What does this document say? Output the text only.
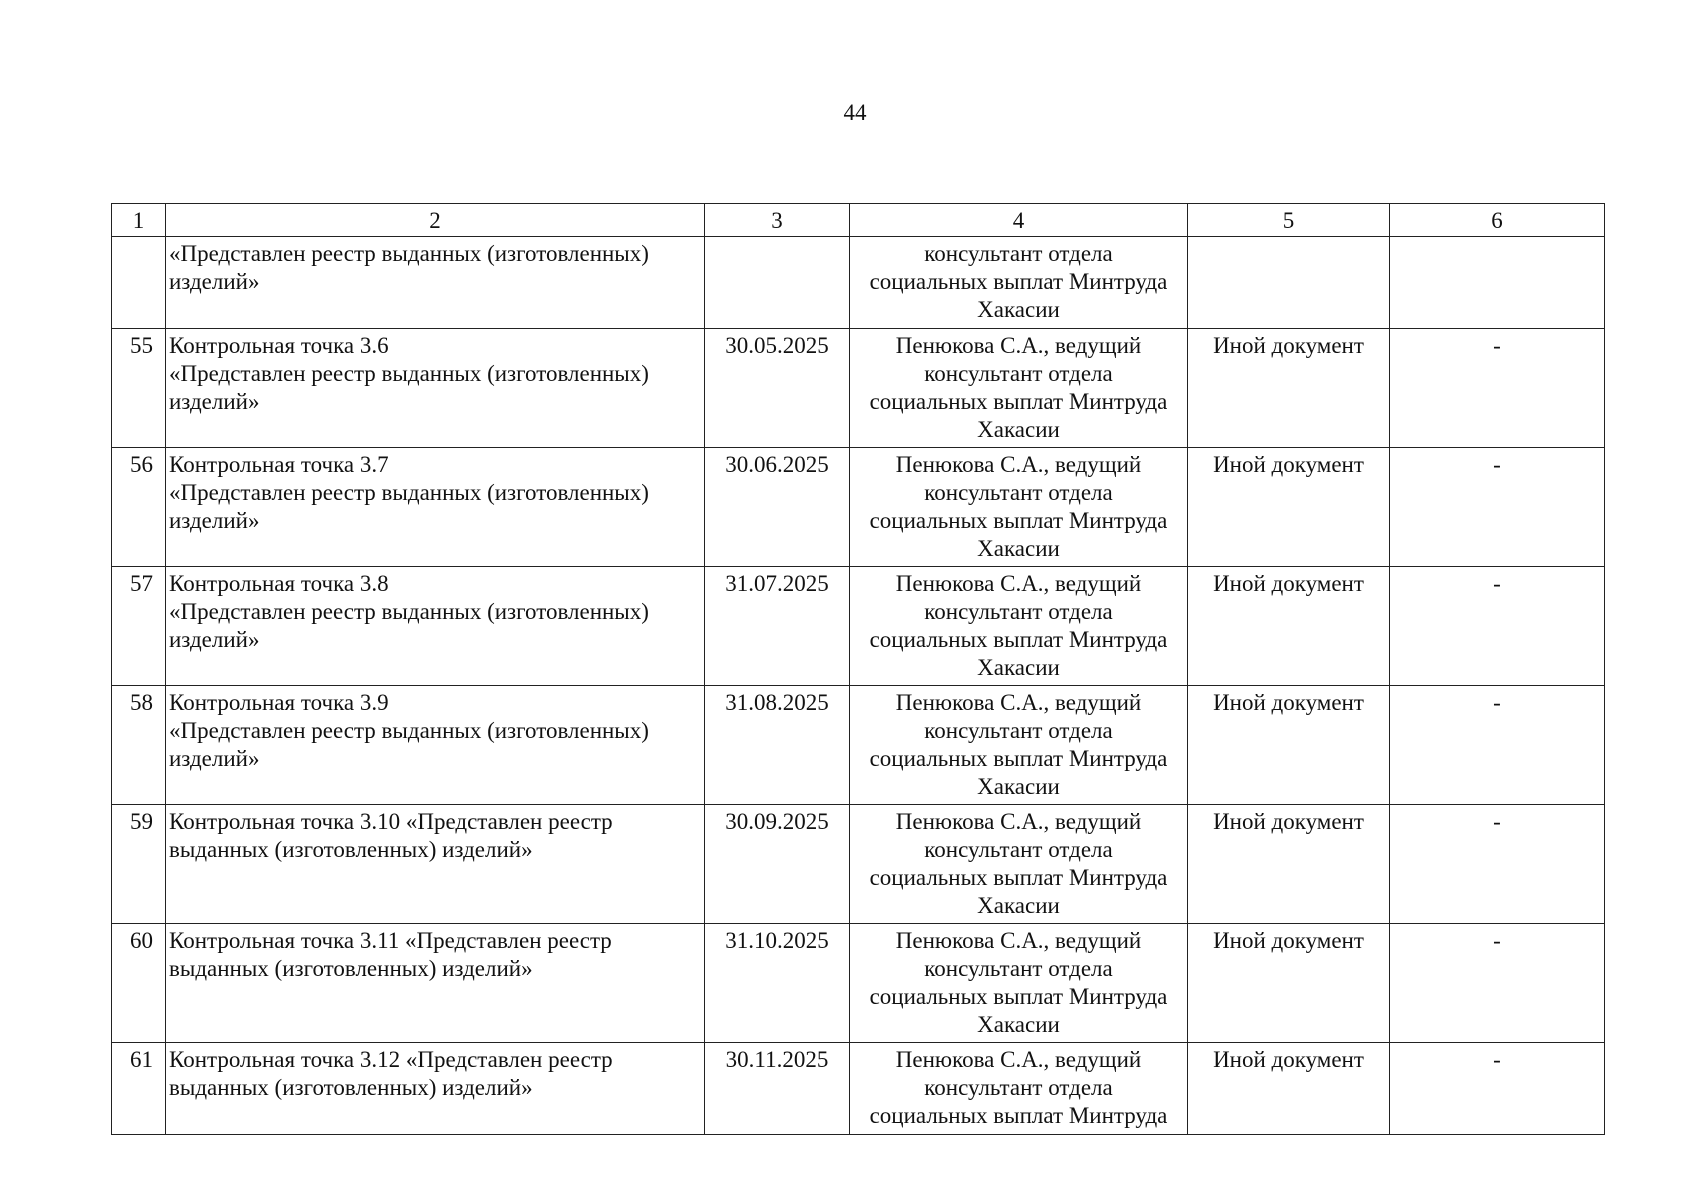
44
1	2	3	4	5	6

	«Представлен реестр выданных (изготовленных)
изделий»		консультант отдела
социальных выплат Минтруда
Хакасии		

55	Контрольная точка 3.6
«Представлен реестр выданных (изготовленных)
изделий»	30.05.2025	Пенюкова С.А., ведущий
консультант отдела
социальных выплат Минтруда
Хакасии	Иной документ	-
56	Контрольная точка 3.7
«Представлен реестр выданных (изготовленных)
изделий»	30.06.2025	Пенюкова С.А., ведущий
консультант отдела
социальных выплат Минтруда
Хакасии	Иной документ	-
57	Контрольная точка 3.8
«Представлен реестр выданных (изготовленных)
изделий»	31.07.2025	Пенюкова С.А., ведущий
консультант отдела
социальных выплат Минтруда
Хакасии	Иной документ	-
58	Контрольная точка 3.9
«Представлен реестр выданных (изготовленных)
изделий»	31.08.2025	Пенюкова С.А., ведущий
консультант отдела
социальных выплат Минтруда
Хакасии	Иной документ	-
59	Контрольная точка 3.10 «Представлен реестр
выданных (изготовленных) изделий»	30.09.2025	Пенюкова С.А., ведущий
консультант отдела
социальных выплат Минтруда
Хакасии	Иной документ	-
60	Контрольная точка 3.11 «Представлен реестр
выданных (изготовленных) изделий»	31.10.2025	Пенюкова С.А., ведущий
консультант отдела
социальных выплат Минтруда
Хакасии	Иной документ	-
61	Контрольная точка 3.12 «Представлен реестр
выданных (изготовленных) изделий»	30.11.2025	Пенюкова С.А., ведущий
консультант отдела
социальных выплат Минтруда	Иной документ	-
